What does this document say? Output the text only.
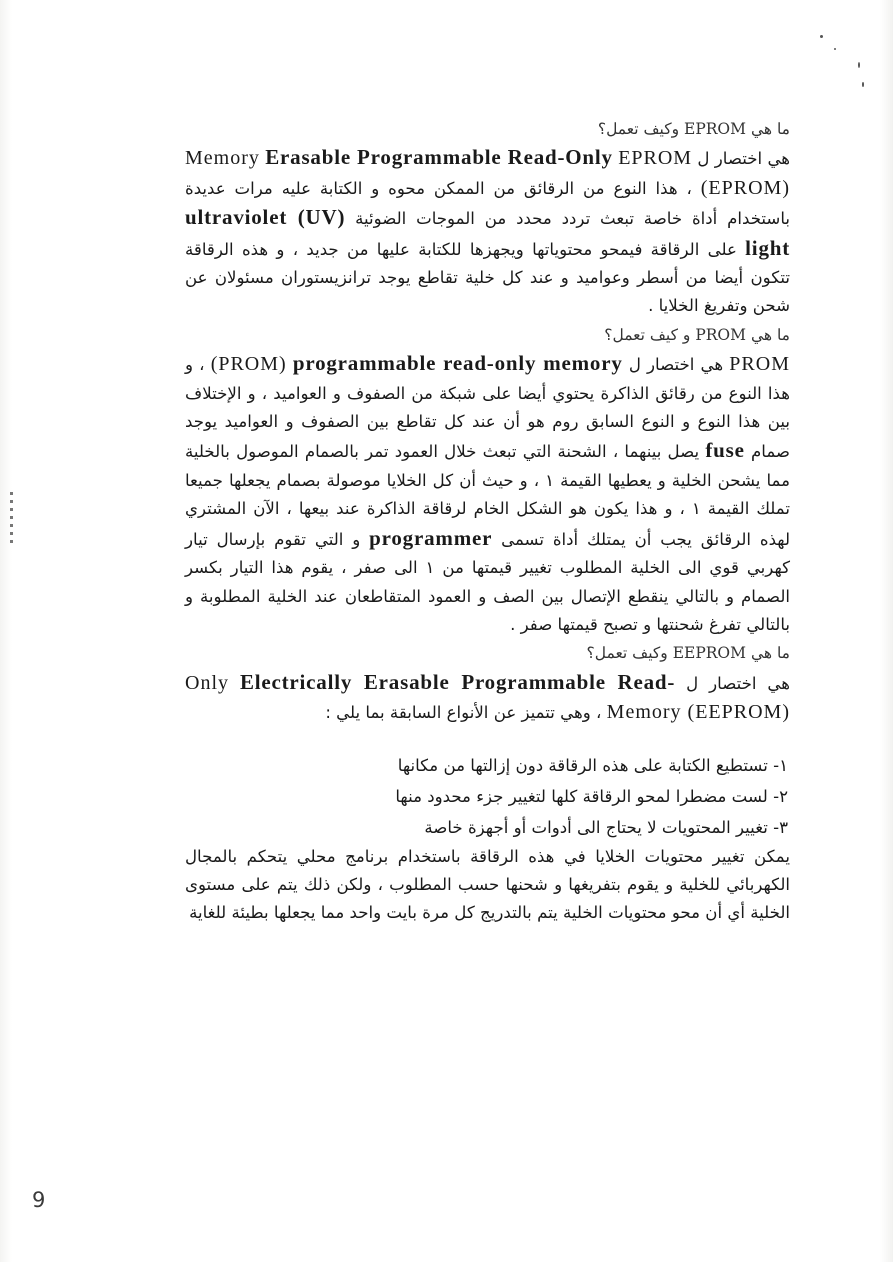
ما هي EPROM وكيف تعمل؟

هي اختصار ل EPROM Erasable Programmable Read-Only Memory (EPROM) ، هذا النوع من الرقائق من الممكن محوه و الكتابة عليه مرات عديدة باستخدام أداة خاصة تبعث تردد محدد من الموجات الضوئية ultraviolet (UV) light على الرقاقة فيمحو محتوياتها ويجهزها للكتابة عليها من جديد ، و هذه الرقاقة تتكون أيضا من أسطر وعواميد و عند كل خلية تقاطع يوجد ترانزيستوران مسئولان عن شحن وتفريغ الخلايا .

ما هي PROM و كيف تعمل؟

PROM هي اختصار ل programmable read-only memory (PROM) ، و هذا النوع من رقائق الذاكرة يحتوي أيضا على شبكة من الصفوف و العواميد ، و الإختلاف بين هذا النوع و النوع السابق روم هو أن عند كل تقاطع بين الصفوف و العواميد يوجد صمام fuse يصل بينهما ، الشحنة التي تبعث خلال العمود تمر بالصمام الموصول بالخلية مما يشحن الخلية و يعطيها القيمة ١ ، و حيث أن كل الخلايا موصولة بصمام يجعلها جميعا تملك القيمة ١ ، و هذا يكون هو الشكل الخام لرقاقة الذاكرة عند بيعها ، الآن المشتري لهذه الرقائق يجب أن يمتلك أداة تسمى programmer و التي تقوم بإرسال تيار كهربي قوي الى الخلية المطلوب تغيير قيمتها من ١ الى صفر ، يقوم هذا التيار بكسر الصمام و بالتالي ينقطع الإتصال بين الصف و العمود المتقاطعان عند الخلية المطلوبة و بالتالي تفرغ شحنتها و تصبح قيمتها صفر .

ما هي EEPROM وكيف تعمل؟

هي اختصار ل Electrically Erasable Programmable Read- Only Memory (EEPROM) ، وهي تتميز عن الأنواع السابقة بما يلي :

١- تستطيع الكتابة على هذه الرقاقة دون إزالتها من مكانها

٢- لست مضطرا لمحو الرقاقة كلها لتغيير جزء محدود منها

٣- تغيير المحتويات لا يحتاج الى أدوات أو أجهزة خاصة

يمكن تغيير محتويات الخلايا في هذه الرقاقة باستخدام برنامج محلي يتحكم بالمجال الكهربائي للخلية و يقوم بتفريغها و شحنها حسب المطلوب ، ولكن ذلك يتم على مستوى الخلية أي أن محو محتويات الخلية يتم بالتدريج كل مرة بايت واحد مما يجعلها بطيئة للغاية

9
